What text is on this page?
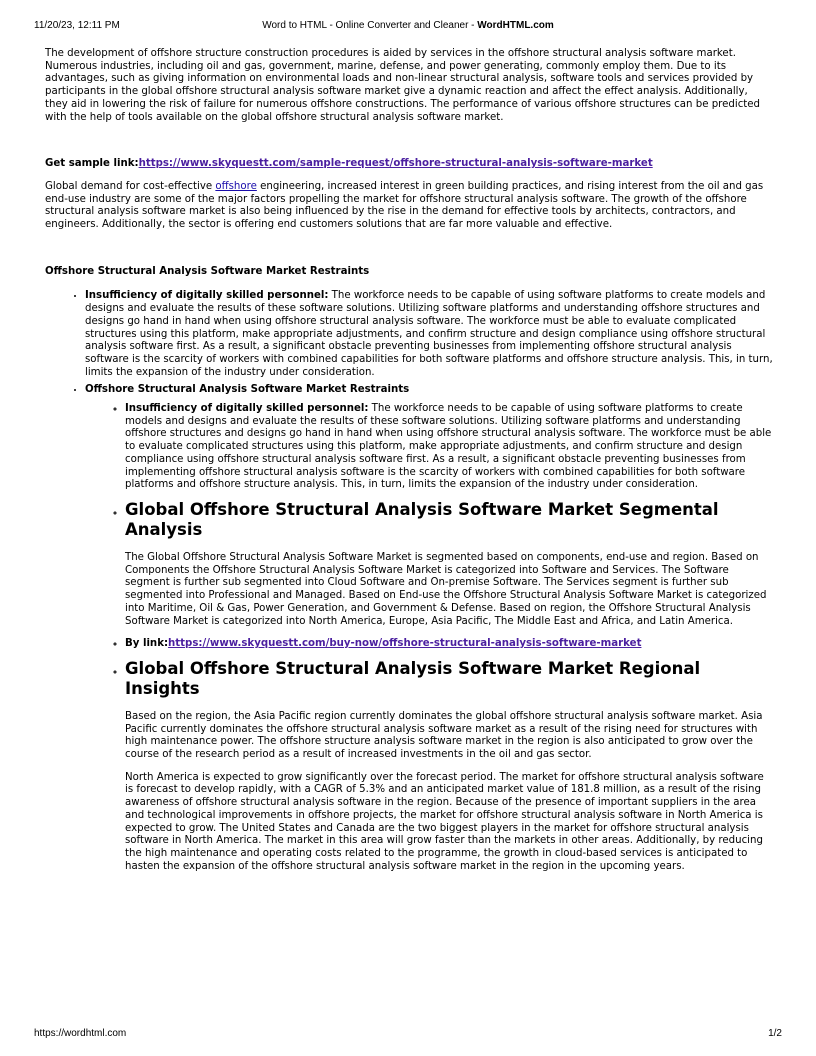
11/20/23, 12:11 PM	Word to HTML - Online Converter and Cleaner - WordHTML.com

The development of offshore structure construction procedures is aided by services in the offshore structural analysis software market. Numerous industries, including oil and gas, government, marine, defense, and power generating, commonly employ them. Due to its advantages, such as giving information on environmental loads and non-linear structural analysis, software tools and services provided by participants in the global offshore structural analysis software market give a dynamic reaction and affect the effect analysis. Additionally, they aid in lowering the risk of failure for numerous offshore constructions. The performance of various offshore structures can be predicted with the help of tools available on the global offshore structural analysis software market.

Get sample link:https://www.skyquestt.com/sample-request/offshore-structural-analysis-software-market

Global demand for cost-effective offshore engineering, increased interest in green building practices, and rising interest from the oil and gas end-use industry are some of the major factors propelling the market for offshore structural analysis software. The growth of the offshore structural analysis software market is also being influenced by the rise in the demand for effective tools by architects, contractors, and engineers. Additionally, the sector is offering end customers solutions that are far more valuable and effective.

Offshore Structural Analysis Software Market Restraints

• Insufficiency of digitally skilled personnel: The workforce needs to be capable of using software platforms to create models and designs and evaluate the results of these software solutions. Utilizing software platforms and understanding offshore structures and designs go hand in hand when using offshore structural analysis software. The workforce must be able to evaluate complicated structures using this platform, make appropriate adjustments, and confirm structure and design compliance using offshore structural analysis software first. As a result, a significant obstacle preventing businesses from implementing offshore structural analysis software is the scarcity of workers with combined capabilities for both software platforms and offshore structure analysis. This, in turn, limits the expansion of the industry under consideration.
• Offshore Structural Analysis Software Market Restraints
◦ Insufficiency of digitally skilled personnel: The workforce needs to be capable of using software platforms to create models and designs and evaluate the results of these software solutions. Utilizing software platforms and understanding offshore structures and designs go hand in hand when using offshore structural analysis software. The workforce must be able to evaluate complicated structures using this platform, make appropriate adjustments, and confirm structure and design compliance using offshore structural analysis software first. As a result, a significant obstacle preventing businesses from implementing offshore structural analysis software is the scarcity of workers with combined capabilities for both software platforms and offshore structure analysis. This, in turn, limits the expansion of the industry under consideration.
◦ Global Offshore Structural Analysis Software Market Segmental Analysis

The Global Offshore Structural Analysis Software Market is segmented based on components, end-use and region. Based on Components the Offshore Structural Analysis Software Market is categorized into Software and Services. The Software segment is further sub segmented into Cloud Software and On-premise Software. The Services segment is further sub segmented into Professional and Managed. Based on End-use the Offshore Structural Analysis Software Market is categorized into Maritime, Oil & Gas, Power Generation, and Government & Defense. Based on region, the Offshore Structural Analysis Software Market is categorized into North America, Europe, Asia Pacific, The Middle East and Africa, and Latin America.

◦ By link:https://www.skyquestt.com/buy-now/offshore-structural-analysis-software-market
◦ Global Offshore Structural Analysis Software Market Regional Insights

Based on the region, the Asia Pacific region currently dominates the global offshore structural analysis software market. Asia Pacific currently dominates the offshore structural analysis software market as a result of the rising need for structures with high maintenance power. The offshore structure analysis software market in the region is also anticipated to grow over the course of the research period as a result of increased investments in the oil and gas sector.

North America is expected to grow significantly over the forecast period. The market for offshore structural analysis software is forecast to develop rapidly, with a CAGR of 5.3% and an anticipated market value of 181.8 million, as a result of the rising awareness of offshore structural analysis software in the region. Because of the presence of important suppliers in the area and technological improvements in offshore projects, the market for offshore structural analysis software in North America is expected to grow. The United States and Canada are the two biggest players in the market for offshore structural analysis software in North America. The market in this area will grow faster than the markets in other areas. Additionally, by reducing the high maintenance and operating costs related to the programme, the growth in cloud-based services is anticipated to hasten the expansion of the offshore structural analysis software market in the region in the upcoming years.

https://wordhtml.com	1/2
